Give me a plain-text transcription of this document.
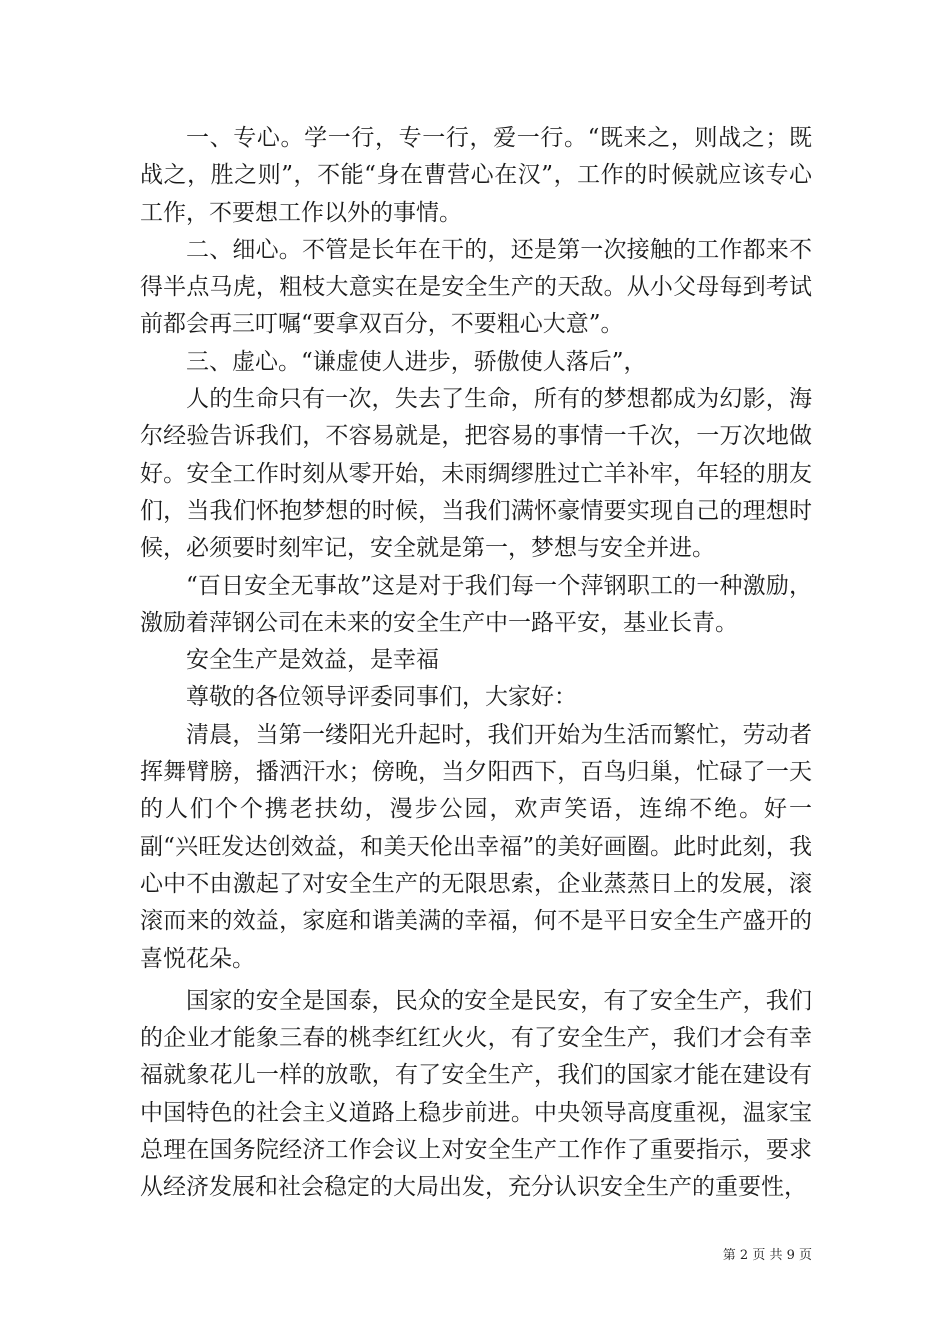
一、专心。学一行，专一行，爱一行。“既来之，则战之；既战之，胜之则”，不能“身在曹营心在汉”，工作的时候就应该专心工作，不要想工作以外的事情。

二、细心。不管是长年在干的，还是第一次接触的工作都来不得半点马虎，粗枝大意实在是安全生产的天敌。从小父母每到考试前都会再三叮嘱“要拿双百分，不要粗心大意”。

三、虚心。“谦虚使人进步，骄傲使人落后”，

人的生命只有一次，失去了生命，所有的梦想都成为幻影，海尔经验告诉我们，不容易就是，把容易的事情一千次，一万次地做好。安全工作时刻从零开始，未雨绸缪胜过亡羊补牢，年轻的朋友们，当我们怀抱梦想的时候，当我们满怀豪情要实现自己的理想时候，必须要时刻牢记，安全就是第一，梦想与安全并进。

“百日安全无事故”这是对于我们每一个萍钢职工的一种激励，激励着萍钢公司在未来的安全生产中一路平安，基业长青。

安全生产是效益，是幸福

尊敬的各位领导评委同事们，大家好：

清晨，当第一缕阳光升起时，我们开始为生活而繁忙，劳动者挥舞臂膀，播洒汗水；傍晚，当夕阳西下，百鸟归巢，忙碌了一天的人们个个携老扶幼，漫步公园，欢声笑语，连绵不绝。好一副“兴旺发达创效益，和美天伦出幸福”的美好画圈。此时此刻，我心中不由激起了对安全生产的无限思索，企业蒸蒸日上的发展，滚滚而来的效益，家庭和谐美满的幸福，何不是平日安全生产盛开的喜悦花朵。

国家的安全是国泰，民众的安全是民安，有了安全生产，我们的企业才能象三春的桃李红红火火，有了安全生产，我们才会有幸福就象花儿一样的放歌，有了安全生产，我们的国家才能在建设有中国特色的社会主义道路上稳步前进。中央领导高度重视，温家宝总理在国务院经济工作会议上对安全生产工作作了重要指示，要求从经济发展和社会稳定的大局出发，充分认识安全生产的重要性，

第 2 页 共 9 页
